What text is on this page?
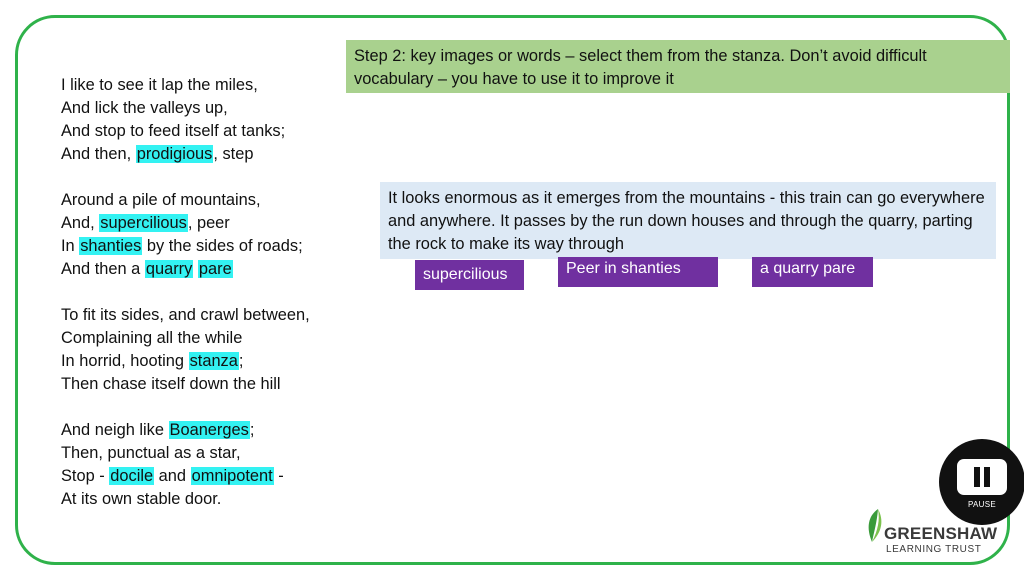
I like to see it lap the miles,
And lick the valleys up,
And stop to feed itself at tanks;
And then, prodigious, step
Around a pile of mountains,
And, supercilious, peer
In shanties by the sides of roads;
And then a quarry pare
To fit its sides, and crawl between,
Complaining all the while
In horrid, hooting stanza;
Then chase itself down the hill
And neigh like Boanerges;
Then, punctual as a star,
Stop - docile and omnipotent -
At its own stable door.
Step 2: key images or words – select them from the stanza. Don’t avoid difficult vocabulary – you have to use it to improve it
It looks enormous as it emerges from the mountains - this train can go everywhere and anywhere. It passes by the run down houses and through the quarry, parting the rock to make its way through
supercilious	Peer in shanties	a quarry pare
PAUSE
GREENSHAW
LEARNING TRUST
